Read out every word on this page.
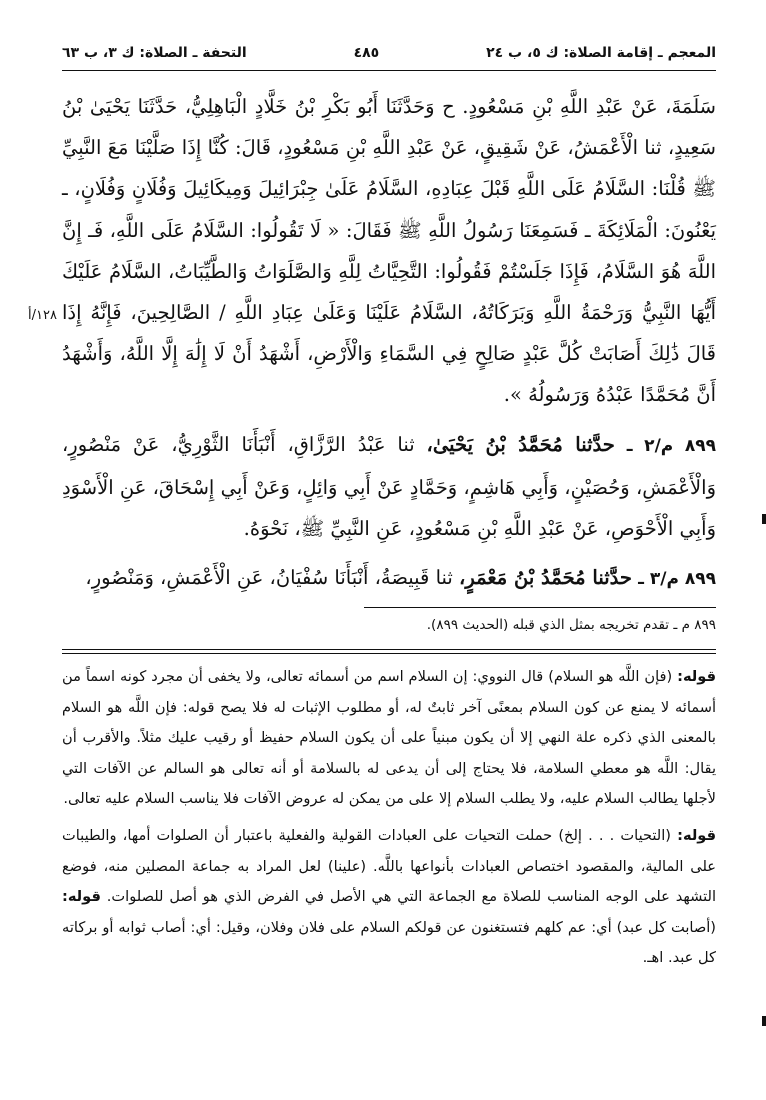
المعجم ـ إقامة الصلاة: ك ٥، ب ٢٤
٤٨٥
التحفة ـ الصلاة: ك ٣، ب ٦٣

سَلَمَةَ، عَنْ عَبْدِ اللَّهِ بْنِ مَسْعُودٍ. ح وَحَدَّثَنَا أَبُو بَكْرِ بْنُ خَلَّادٍ الْبَاهِلِيُّ، حَدَّثَنَا يَحْيَىٰ بْنُ سَعِيدٍ، ثنا الْأَعْمَشُ، عَنْ شَقِيقٍ، عَنْ عَبْدِ اللَّهِ بْنِ مَسْعُودٍ، قَالَ: كُنَّا إِذَا صَلَّيْنَا مَعَ النَّبِيِّ ﷺ قُلْنَا: السَّلَامُ عَلَى اللَّهِ قَبْلَ عِبَادِهِ، السَّلَامُ عَلَىٰ جِبْرَائِيلَ وَمِيكَائِيلَ وَفُلَانٍ وَفُلَانٍ، ـ يَعْنُونَ: الْمَلَائِكَةَ ـ فَسَمِعَنَا رَسُولُ اللَّهِ ﷺ فَقَالَ: « لَا تَقُولُوا: السَّلَامُ عَلَى اللَّهِ، فَـ إِنَّ اللَّهَ هُوَ السَّلَامُ، فَإِذَا جَلَسْتُمْ فَقُولُوا: التَّحِيَّاتُ لِلَّهِ وَالصَّلَوَاتُ وَالطَّيِّبَاتُ، السَّلَامُ عَلَيْكَ أَيُّهَا النَّبِيُّ وَرَحْمَةُ اللَّهِ وَبَرَكَاتُهُ، السَّلَامُ عَلَيْنَا وَعَلَىٰ عِبَادِ اللَّهِ / الصَّالِحِينَ، فَإِنَّهُ إِذَا قَالَ ذَٰلِكَ أَصَابَتْ كُلَّ عَبْدٍ صَالِحٍ فِي السَّمَاءِ وَالْأَرْضِ، أَشْهَدُ أَنْ لَا إِلَٰهَ إِلَّا اللَّهُ، وَأَشْهَدُ أَنَّ مُحَمَّدًا عَبْدُهُ وَرَسُولُهُ ».

٨٩٩ م/٢ ـ حدَّثنا مُحَمَّدُ بْنُ يَحْيَىٰ، ثنا عَبْدُ الرَّزَّاقِ، أَنْبَأَنَا الثَّوْرِيُّ، عَنْ مَنْصُورٍ، وَالْأَعْمَشِ، وَحُصَيْنٍ، وَأَبِي هَاشِمٍ، وَحَمَّادٍ عَنْ أَبِي وَائِلٍ، وَعَنْ أَبِي إِسْحَاقَ، عَنِ الْأَسْوَدِ وَأَبِي الْأَحْوَصِ، عَنْ عَبْدِ اللَّهِ بْنِ مَسْعُودٍ، عَنِ النَّبِيِّ ﷺ، نَحْوَهُ.

٨٩٩ م/٣ ـ حدَّثنا مُحَمَّدُ بْنُ مَعْمَرٍ، ثنا قَبِيصَةُ، أَنْبَأَنَا سُفْيَانُ، عَنِ الْأَعْمَشِ، وَمَنْصُورٍ،

١٢٨/أ
٨٩٩ م ـ تقدم تخريجه بمثل الذي قبله (الحديث ٨٩٩).

قوله: (فإن اللَّه هو السلام) قال النووي: إن السلام اسم من أسمائه تعالى، ولا يخفى أن مجرد كونه اسماً من أسمائه لا يمنع عن كون السلام بمعنًى آخر ثابتٌ له، أو مطلوب الإثبات له فلا يصح قوله: فإن اللَّه هو السلام بالمعنى الذي ذكره علة النهي إلا أن يكون مبنياً على أن يكون السلام حفيظ أو رقيب عليك مثلاً. والأقرب أن يقال: اللَّه هو معطي السلامة، فلا يحتاج إلى أن يدعى له بالسلامة أو أنه تعالى هو السالم عن الآفات التي لأجلها يطالب السلام عليه، ولا يطلب السلام إلا على من يمكن له عروض الآفات فلا يناسب السلام عليه تعالى.

قوله: (التحيات . . . إلخ) حملت التحيات على العبادات القولية والفعلية باعتبار أن الصلوات أمها، والطيبات على المالية، والمقصود اختصاص العبادات بأنواعها باللَّه. (علينا) لعل المراد به جماعة المصلين منه، فوضع التشهد على الوجه المناسب للصلاة مع الجماعة التي هي الأصل في الفرض الذي هو أصل للصلوات. قوله: (أصابت كل عبد) أي: عم كلهم فتستغنون عن قولكم السلام على فلان وفلان، وقيل: أي: أصاب ثوابه أو بركاته كل عبد. اهـ.
